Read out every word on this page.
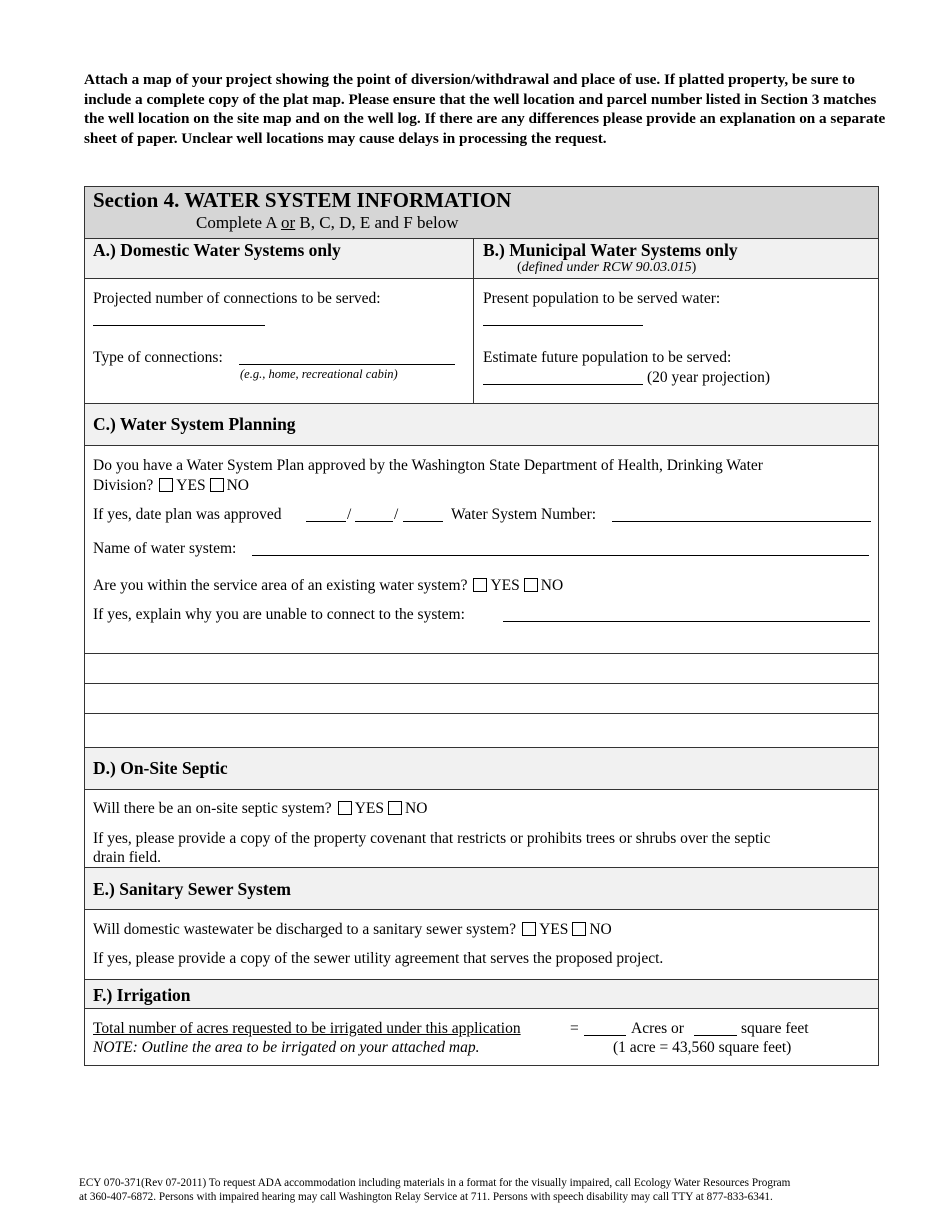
Attach a map of your project showing the point of diversion/withdrawal and place of use. If platted property, be sure to include a complete copy of the plat map. Please ensure that the well location and parcel number listed in Section 3 matches the well location on the site map and on the well log. If there are any differences please provide an explanation on a separate sheet of paper. Unclear well locations may cause delays in processing the request.
Section 4. WATER SYSTEM INFORMATION
Complete A or B, C, D, E and F below
A.) Domestic Water Systems only	B.) Municipal Water Systems only
(defined under RCW 90.03.015)
Projected number of connections to be served:
Type of connections:
(e.g., home, recreational cabin)
Present population to be served water:
Estimate future population to be served:
(20 year projection)
C.) Water System Planning
Do you have a Water System Plan approved by the Washington State Department of Health, Drinking Water
Division? YES NO
If yes, date plan was approved	/	/	Water System Number:
Name of water system:
Are you within the service area of an existing water system? YES NO
If yes, explain why you are unable to connect to the system:
D.) On-Site Septic
Will there be an on-site septic system? YES NO
If yes, please provide a copy of the property covenant that restricts or prohibits trees or shrubs over the septic
drain field.
E.) Sanitary Sewer System
Will domestic wastewater be discharged to a sanitary sewer system? YES NO
If yes, please provide a copy of the sewer utility agreement that serves the proposed project.
F.) Irrigation
Total number of acres requested to be irrigated under this application	=	Acres or	square feet
NOTE: Outline the area to be irrigated on your attached map.	(1 acre = 43,560 square feet)
ECY 070-371(Rev 07-2011) To request ADA accommodation including materials in a format for the visually impaired, call Ecology Water Resources Program
at 360-407-6872. Persons with impaired hearing may call Washington Relay Service at 711. Persons with speech disability may call TTY at 877-833-6341.
